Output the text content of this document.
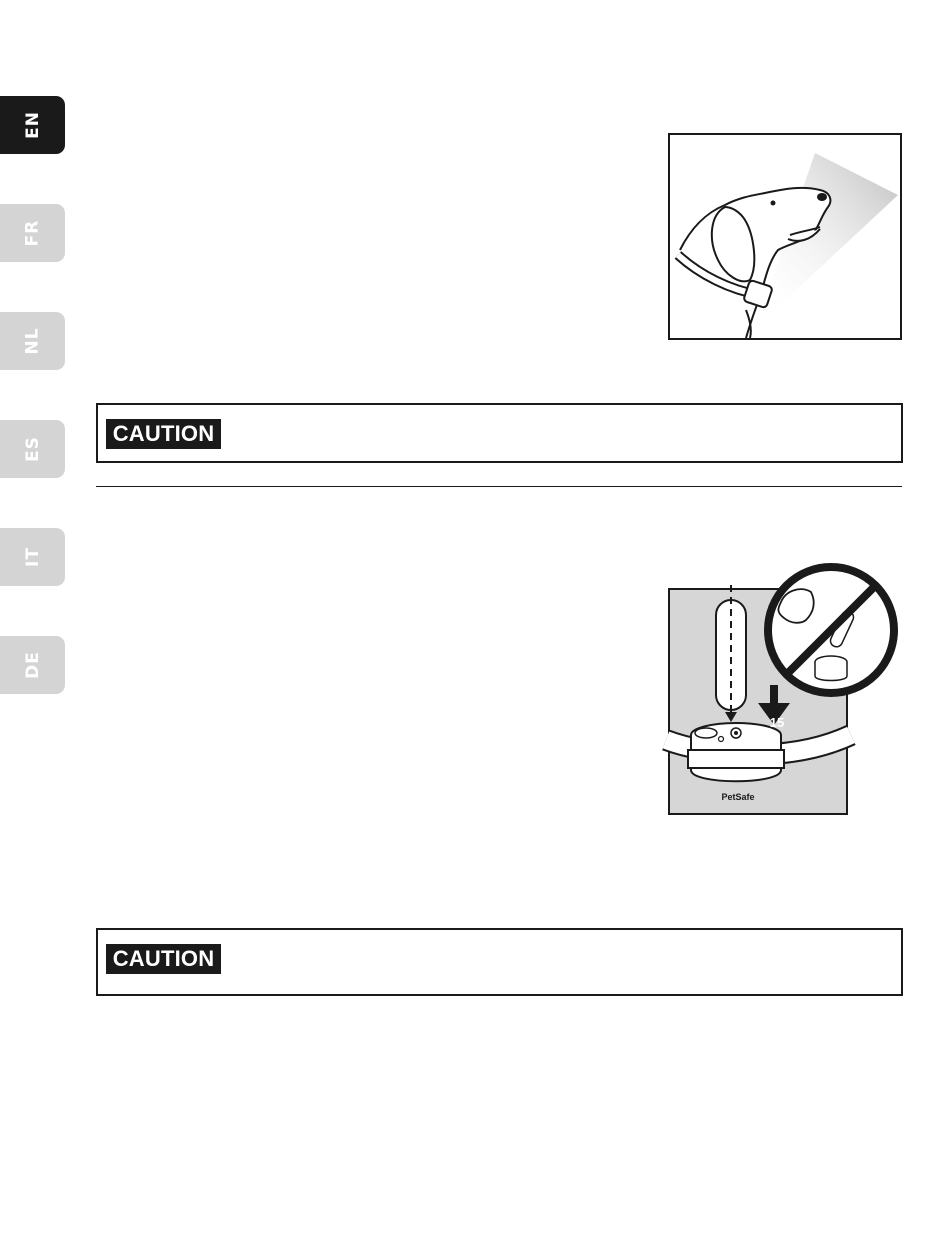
EN
FR
NL
ES
IT
DE
CAUTION
15
PetSafe
CAUTION
